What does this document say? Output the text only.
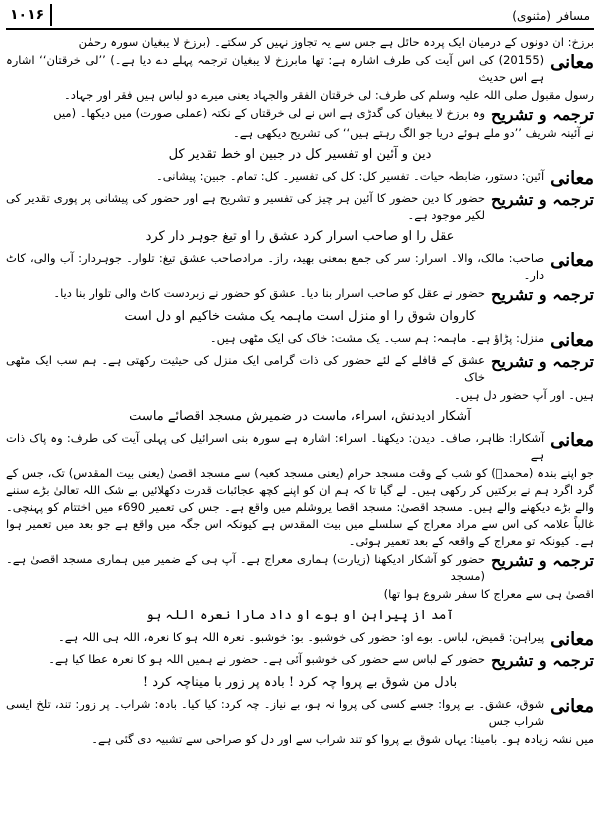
مسافر (مثنوی)
۱۰۱۶

برزخ: ان دونوں کے درمیان ایک پردہ حائل ہے جس سے یہ تجاوز نہیں کر سکتے۔ (برزخ لا یبغیان سورہ رحمٰن

معانی
(20155) کی اس آیت کی طرف اشارہ ہے: تھا مابرزخ لا یبغیان ترجمہ پہلے دے دیا ہے۔) ’’لی خرقتان‘‘ اشارہ ہے اس حدیث

رسول مقبول صلی اللہ علیہ وسلم کی طرف: لی خرقتان الفقر والجہاد یعنی میرے دو لباس ہیں فقر اور جہاد۔

ترجمہ و تشریح
وہ برزخ لا یبغیان کی گدڑی ہے اس نے لی خرقتاں کے نکتہ (عملی صورت) میں دیکھا۔ (میں

نے آئینہ شریف ’’دو ملے ہوئے دریا جو الگ رہتے ہیں‘‘ کی تشریح دیکھی ہے۔

دین و آئین او تفسیر کل در جبین او خط تقدیر کل
معانی
آئین: دستور، ضابطہ حیات۔ تفسیر کل: کل کی تفسیر۔ کل: تمام۔ جبین: پیشانی۔
ترجمہ و تشریح
حضور کا دین حضور کا آئین ہر چیز کی تفسیر و تشریح ہے اور حضور کی پیشانی پر پوری تقدیر کی لکیر موجود ہے۔
عقل را او صاحب اسرار کرد عشق را او تیغ جوہر دار کرد
معانی
صاحب: مالک، والا۔ اسرار: سر کی جمع بمعنی بھید، راز۔ مرادصاحب عشق تیغ: تلوار۔ جوہردار: آب والی، کاٹ دار۔
ترجمہ و تشریح
حضور نے عقل کو صاحب اسرار بنا دیا۔ عشق کو حضور نے زبردست کاٹ والی تلوار بنا دیا۔
کاروان شوق را او منزل است ماہمہ یک مشت خاکیم او دل است
معانی
منزل: پڑاؤ ہے۔ ماہمہ: ہم سب۔ یک مشت: خاک کی ایک مٹھی ہیں۔
ترجمہ و تشریح
عشق کے قافلے کے لئے حضور کی ذات گرامی ایک منزل کی حیثیت رکھتی ہے۔ ہم سب ایک مٹھی خاک

ہیں۔ اور آپ حضور دل ہیں۔

آشکار ادیدنش، اسراء، ماست در ضمیرش مسجد اقصائے ماست
معانی
آشکارا: ظاہر، صاف۔ دیدن: دیکھنا۔ اسراء: اشارہ ہے سورہ بنی اسرائیل کی پہلی آیت کی طرف: وہ پاک ذات ہے

جو اپنے بندہ (محمدؐ) کو شب کے وقت مسجد حرام (یعنی مسجد کعبہ) سے مسجد اقصیٰ (یعنی بیت المقدس) تک، جس کے گرد اگرد ہم نے برکتیں کر رکھی ہیں۔ لے گیا تا کہ ہم ان کو اپنے کچھ عجائبات قدرت دکھلائیں بے شک اللہ تعالیٰ بڑے سننے والے بڑے دیکھنے والے ہیں۔ مسجد اقصیٰ: مسجد اقصا یروشلم میں واقع ہے۔ جس کی تعمیر 690ء میں اختتام کو پہنچی۔ غالباً علامہ کی اس سے مراد معراج کے سلسلے میں بیت المقدس ہے کیونکہ اس جگہ میں واقع ہے جو بعد میں تعمیر ہوا ہے۔ کیونکہ تو معراج کے واقعہ کے بعد تعمیر ہوئی۔

ترجمہ و تشریح
حضور کو آشکار ادیکھنا (زیارت) ہماری معراج ہے۔ آپ ہی کے ضمیر میں ہماری مسجد اقصیٰ ہے۔ (مسجد

اقصیٰ ہی سے معراج کا سفر شروع ہوا تھا)

آمد از پیراہن او بوے او داد مارا نعرہ اللہ ہو
معانی
پیراہن: قمیض، لباس۔ بوے او: حضور کی خوشبو۔ بو: خوشبو۔ نعرہ اللہ ہو کا نعرہ، اللہ ہی اللہ ہے۔
ترجمہ و تشریح
حضور کے لباس سے حضور کی خوشبو آئی ہے۔ حضور نے ہمیں اللہ ہو کا نعرہ عطا کیا ہے۔
بادل من شوق بے پروا چہ کرد ! بادہ پر زور با میناچہ کرد !
معانی
شوق، عشق۔ بے پروا: جسے کسی کی پروا نہ ہو، بے نیاز۔ چہ کرد: کیا کیا۔ بادہ: شراب۔ پر زور: تند، تلخ ایسی شراب جس

میں نشہ زیادہ ہو۔ بامینا: یہاں شوق بے پروا کو تند شراب سے اور دل کو صراحی سے تشبیہ دی گئی ہے۔
